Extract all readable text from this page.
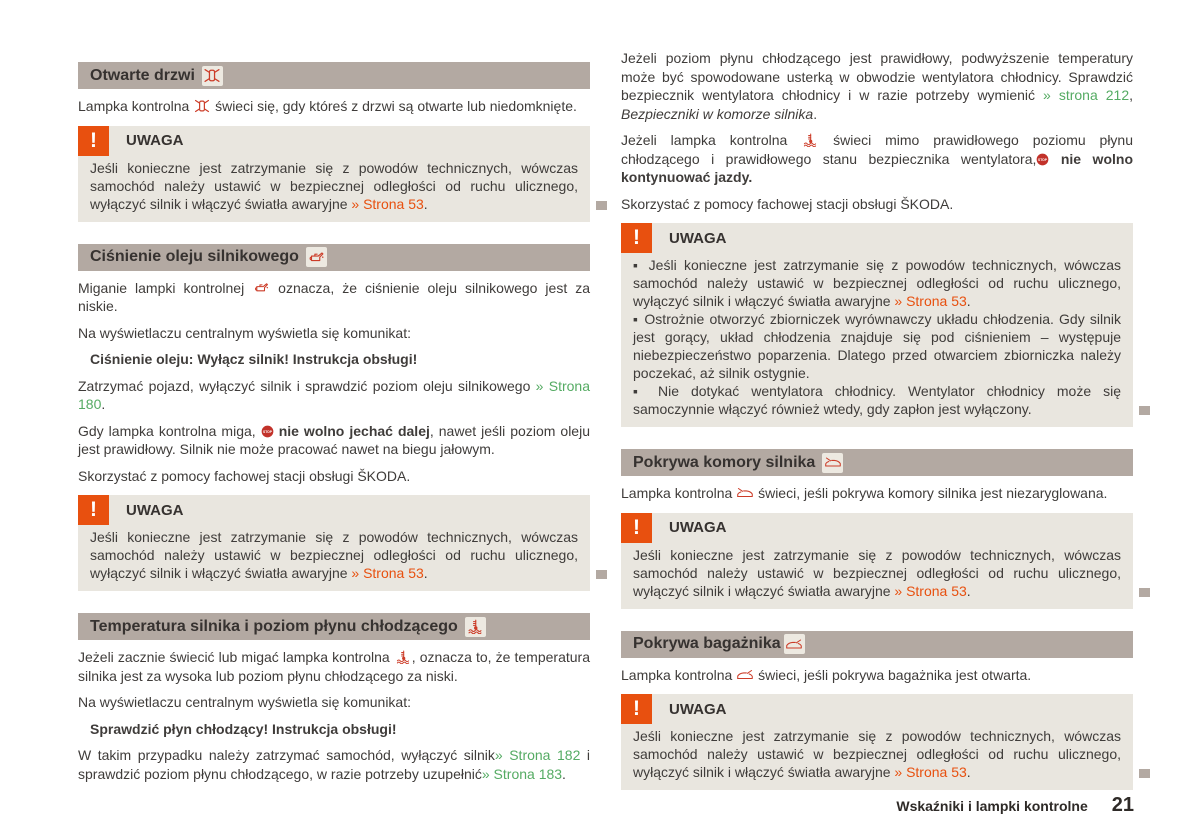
Otwarte drzwi

Lampka kontrolna  świeci się, gdy któreś z drzwi są otwarte lub niedomknięte.

!	UWAGA

Jeśli konieczne jest zatrzymanie się z powodów technicznych, wówczas samochód należy ustawić w bezpiecznej odległości od ruchu ulicznego, wyłączyć silnik i włączyć światła awaryjne » Strona 53.

Ciśnienie oleju silnikowego

Miganie lampki kontrolnej  oznacza, że ciśnienie oleju silnikowego jest za niskie.

Na wyświetlaczu centralnym wyświetla się komunikat:

Ciśnienie oleju: Wyłącz silnik! Instrukcja obsługi!

Zatrzymać pojazd, wyłączyć silnik i sprawdzić poziom oleju silnikowego » Strona 180.

Gdy lampka kontrolna miga,  nie wolno jechać dalej, nawet jeśli poziom oleju jest prawidłowy. Silnik nie może pracować nawet na biegu jałowym.

Skorzystać z pomocy fachowej stacji obsługi ŠKODA.

!	UWAGA

Jeśli konieczne jest zatrzymanie się z powodów technicznych, wówczas samochód należy ustawić w bezpiecznej odległości od ruchu ulicznego, wyłączyć silnik i włączyć światła awaryjne » Strona 53.

Temperatura silnika i poziom płynu chłodzącego

Jeżeli zacznie świecić lub migać lampka kontrolna , oznacza to, że temperatura silnika jest za wysoka lub poziom płynu chłodzącego za niski.

Na wyświetlaczu centralnym wyświetla się komunikat:

Sprawdzić płyn chłodzący! Instrukcja obsługi!

W takim przypadku należy zatrzymać samochód, wyłączyć silnik» Strona 182 i sprawdzić poziom płynu chłodzącego, w razie potrzeby uzupełnić» Strona 183.

Jeżeli poziom płynu chłodzącego jest prawidłowy, podwyższenie temperatury może być spowodowane usterką w obwodzie wentylatora chłodnicy. Sprawdzić bezpiecznik wentylatora chłodnicy i w razie potrzeby wymienić » strona 212, Bezpieczniki w komorze silnika.

Jeżeli lampka kontrolna  świeci mimo prawidłowego poziomu płynu chłodzącego i prawidłowego stanu bezpiecznika wentylatora, nie wolno kontynuować jazdy.

Skorzystać z pomocy fachowej stacji obsługi ŠKODA.

!	UWAGA

▪ Jeśli konieczne jest zatrzymanie się z powodów technicznych, wówczas samochód należy ustawić w bezpiecznej odległości od ruchu ulicznego, wyłączyć silnik i włączyć światła awaryjne » Strona 53.

▪ Ostrożnie otworzyć zbiorniczek wyrównawczy układu chłodzenia. Gdy silnik jest gorący, układ chłodzenia znajduje się pod ciśnieniem – występuje niebezpieczeństwo poparzenia. Dlatego przed otwarciem zbiorniczka należy poczekać, aż silnik ostygnie.

▪ Nie dotykać wentylatora chłodnicy. Wentylator chłodnicy może się samoczynnie włączyć również wtedy, gdy zapłon jest wyłączony.

Pokrywa komory silnika

Lampka kontrolna  świeci, jeśli pokrywa komory silnika jest niezaryglowana.

!	UWAGA

Jeśli konieczne jest zatrzymanie się z powodów technicznych, wówczas samochód należy ustawić w bezpiecznej odległości od ruchu ulicznego, wyłączyć silnik i włączyć światła awaryjne » Strona 53.

Pokrywa bagażnika

Lampka kontrolna  świeci, jeśli pokrywa bagażnika jest otwarta.

!	UWAGA

Jeśli konieczne jest zatrzymanie się z powodów technicznych, wówczas samochód należy ustawić w bezpiecznej odległości od ruchu ulicznego, wyłączyć silnik i włączyć światła awaryjne » Strona 53.

Wskaźniki i lampki kontrolne 21
